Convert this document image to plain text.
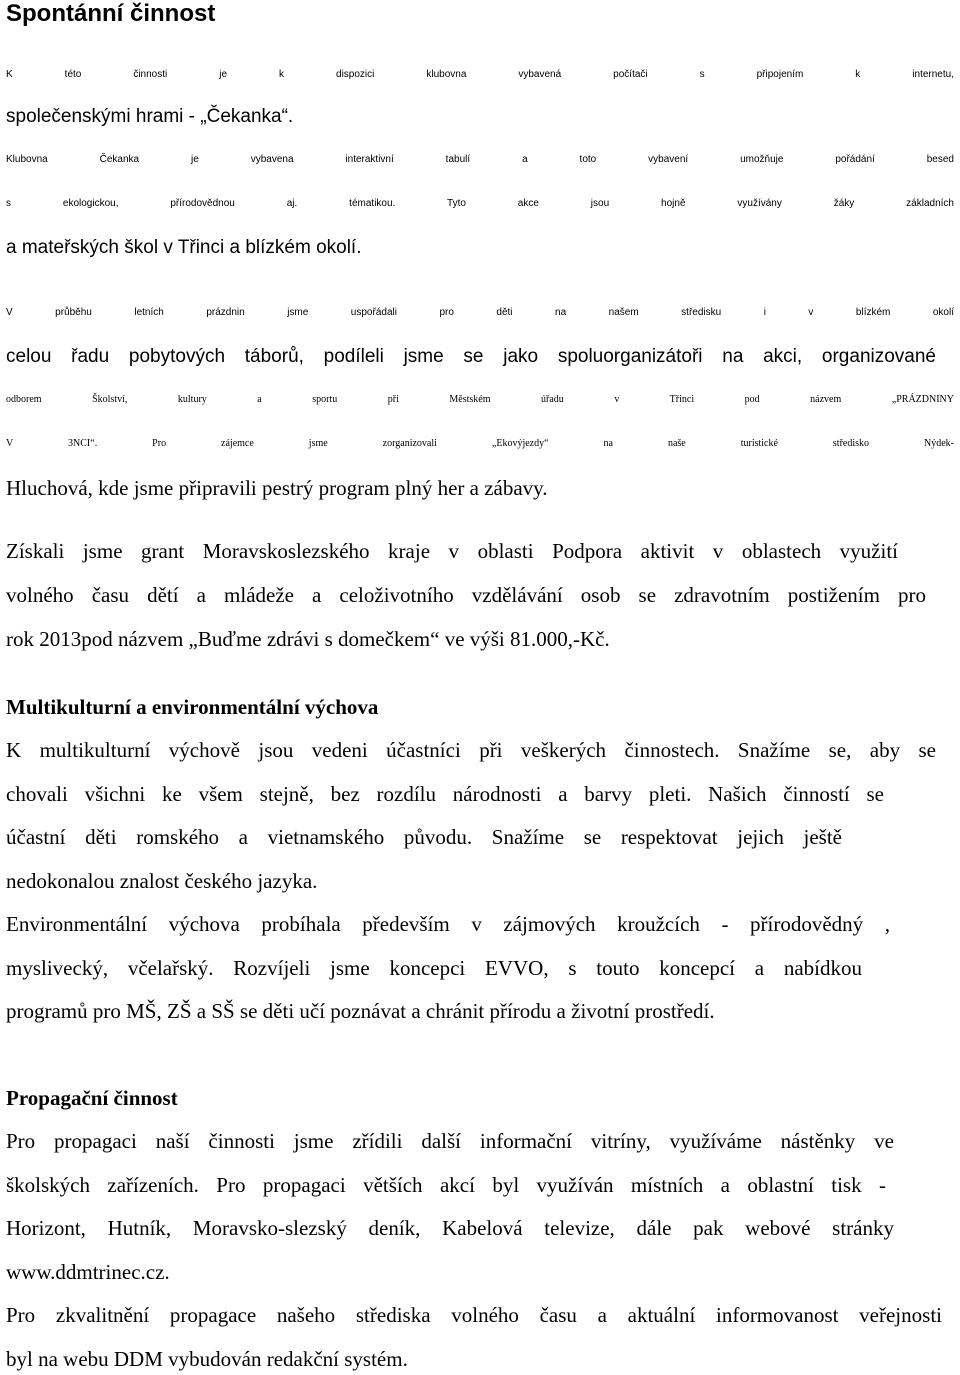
Spontánní činnost

K této činnosti je k dispozici klubovna vybavená počítači s připojením k internetu,

společenskými hrami - „Čekanka“.

Klubovna Čekanka je vybavena interaktivní tabulí a toto vybavení umožňuje pořádání besed

s ekologickou, přírodovědnou aj. tématikou. Tyto akce jsou hojně využívány žáky základních

a mateřských škol v Třinci a blízkém okolí.

V průběhu letních prázdnin jsme uspořádali pro děti na našem středisku i v blízkém okolí

celou řadu pobytových táborů, podíleli jsme se jako spoluorganizátoři na akci, organizované

odborem Školství, kultury a sportu při Městském úřadu v Třinci pod názvem „PRÁZDNINY

V 3NCI“. Pro zájemce jsme zorganizovali „Ekovýjezdy“ na naše turistické středisko Nýdek-

Hluchová, kde jsme připravili pestrý program plný her a zábavy.

Získali jsme grant Moravskoslezského kraje v oblasti Podpora aktivit v oblastech využití

volného času dětí a mládeže a celoživotního vzdělávání osob se zdravotním postižením pro

rok 2013pod názvem „Buďme zdrávi s domečkem“ ve výši 81.000,-Kč.

Multikulturní a environmentální výchova

K multikulturní výchově jsou vedeni účastníci při veškerých činnostech. Snažíme se, aby se

chovali všichni ke všem stejně, bez rozdílu národnosti a barvy pleti. Našich činností se

účastní děti romského a vietnamského původu. Snažíme se respektovat jejich ještě

nedokonalou znalost českého jazyka.

Environmentální výchova probíhala především v zájmových kroužcích - přírodovědný ,

myslivecký, včelařský. Rozvíjeli jsme koncepci EVVO, s touto koncepcí a nabídkou

programů pro MŠ, ZŠ a SŠ se děti učí poznávat a chránit přírodu a životní prostředí.

Propagační činnost

Pro propagaci naší činnosti jsme zřídili další informační vitríny, využíváme nástěnky ve

školských zařízeních. Pro propagaci větších akcí byl využíván místních a oblastní tisk -

Horizont, Hutník, Moravsko-slezský deník, Kabelová televize, dále pak webové stránky

www.ddmtrinec.cz.

Pro zkvalitnění propagace našeho střediska volného času a aktuální informovanost veřejnosti

byl na webu DDM vybudován redakční systém.
